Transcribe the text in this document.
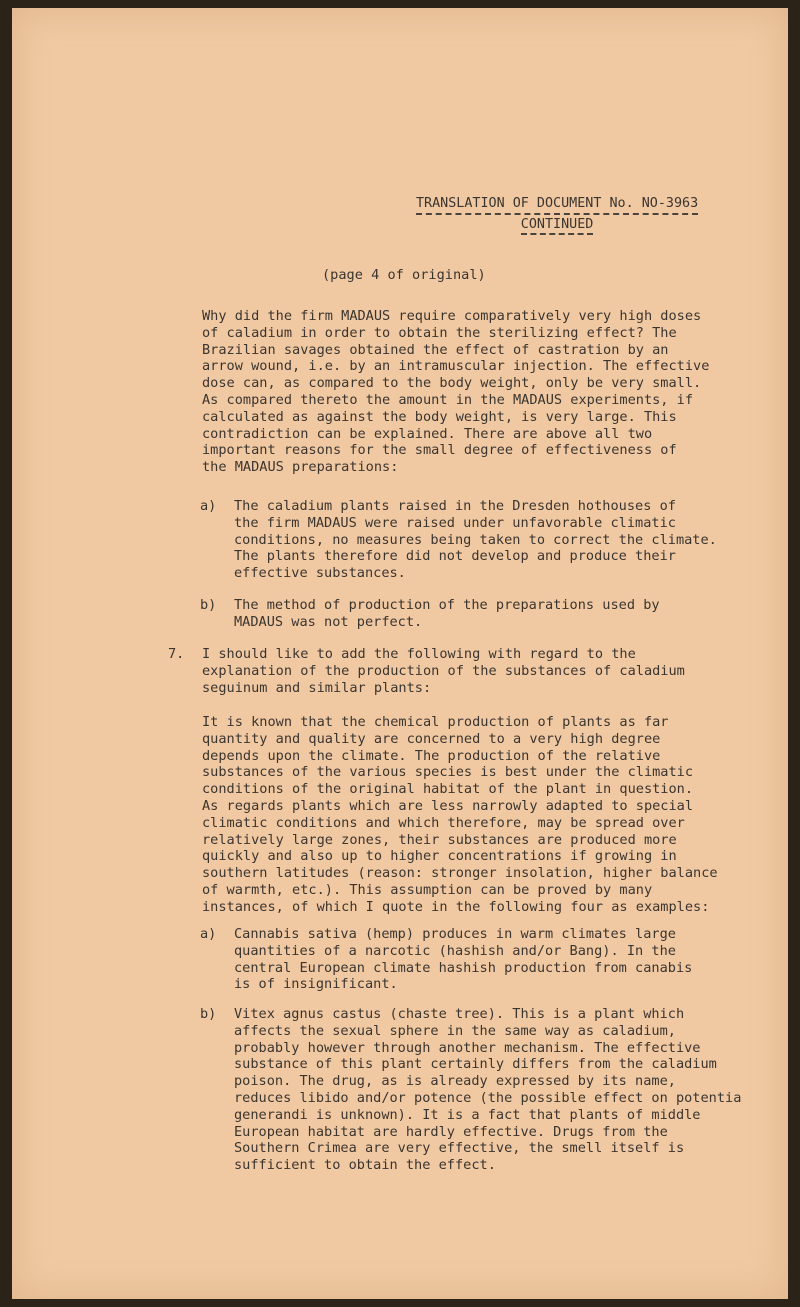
TRANSLATION OF DOCUMENT No. NO-3963
CONTINUED
(page 4 of original)
Why did the firm MADAUS require comparatively very high doses
of caladium in order to obtain the sterilizing effect? The
Brazilian savages obtained the effect of castration by an
arrow wound, i.e. by an intramuscular injection. The effective
dose can, as compared to the body weight, only be very small.
As compared thereto the amount in the MADAUS experiments, if
calculated as against the body weight, is very large. This
contradiction can be explained. There are above all two
important reasons for the small degree of effectiveness of
the MADAUS preparations:
a) The caladium plants raised in the Dresden hothouses of
the firm MADAUS were raised under unfavorable climatic
conditions, no measures being taken to correct the climate.
The plants therefore did not develop and produce their
effective substances.
b) The method of production of the preparations used by
MADAUS was not perfect.
7. I should like to add the following with regard to the
explanation of the production of the substances of caladium
seguinum and similar plants:
It is known that the chemical production of plants as far
quantity and quality are concerned to a very high degree
depends upon the climate. The production of the relative
substances of the various species is best under the climatic
conditions of the original habitat of the plant in question.
As regards plants which are less narrowly adapted to special
climatic conditions and which therefore, may be spread over
relatively large zones, their substances are produced more
quickly and also up to higher concentrations if growing in
southern latitudes (reason: stronger insolation, higher balance
of warmth, etc.). This assumption can be proved by many
instances, of which I quote in the following four as examples:
a) Cannabis sativa (hemp) produces in warm climates large
quantities of a narcotic (hashish and/or Bang). In the
central European climate hashish production from canabis
is of insignificant.
b) Vitex agnus castus (chaste tree). This is a plant which
affects the sexual sphere in the same way as caladium,
probably however through another mechanism. The effective
substance of this plant certainly differs from the caladium
poison. The drug, as is already expressed by its name,
reduces libido and/or potence (the possible effect on potentia
generandi is unknown). It is a fact that plants of middle
European habitat are hardly effective. Drugs from the
Southern Crimea are very effective, the smell itself is
sufficient to obtain the effect.
